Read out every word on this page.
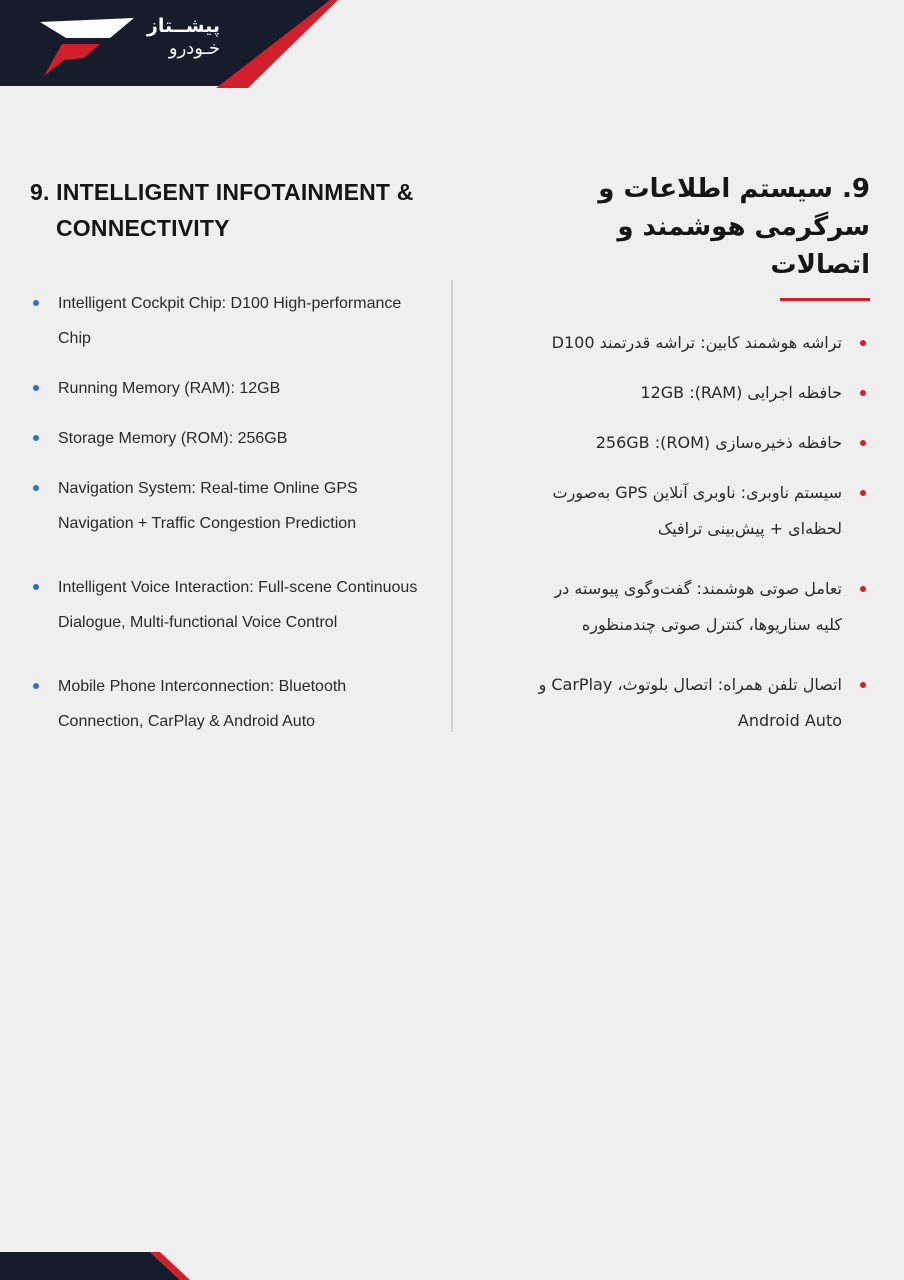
پیشــتاز
خـودرو
9. INTELLIGENT INFOTAINMENT & CONNECTIVITY
Intelligent Cockpit Chip: D100 High-performance Chip
Running Memory (RAM): 12GB
Storage Memory (ROM): 256GB
Navigation System: Real-time Online GPS Navigation + Traffic Congestion Prediction
Intelligent Voice Interaction: Full-scene Continuous Dialogue, Multi-functional Voice Control
Mobile Phone Interconnection: Bluetooth Connection, CarPlay & Android Auto
9. سیستم اطلاعات و سرگرمی هوشمند و اتصالات
تراشه هوشمند کابین: تراشه قدرتمند D100
حافظه اجرایی (RAM): 12GB
حافظه ذخیره‌سازی (ROM): 256GB
سیستم ناوبری: ناوبری آنلاین GPS به‌صورت لحظه‌ای + پیش‌بینی ترافیک
تعامل صوتی هوشمند: گفت‌وگوی پیوسته در کلیه سناریوها، کنترل صوتی چندمنظوره
اتصال تلفن همراه: اتصال بلوتوث، CarPlay و Android Auto
